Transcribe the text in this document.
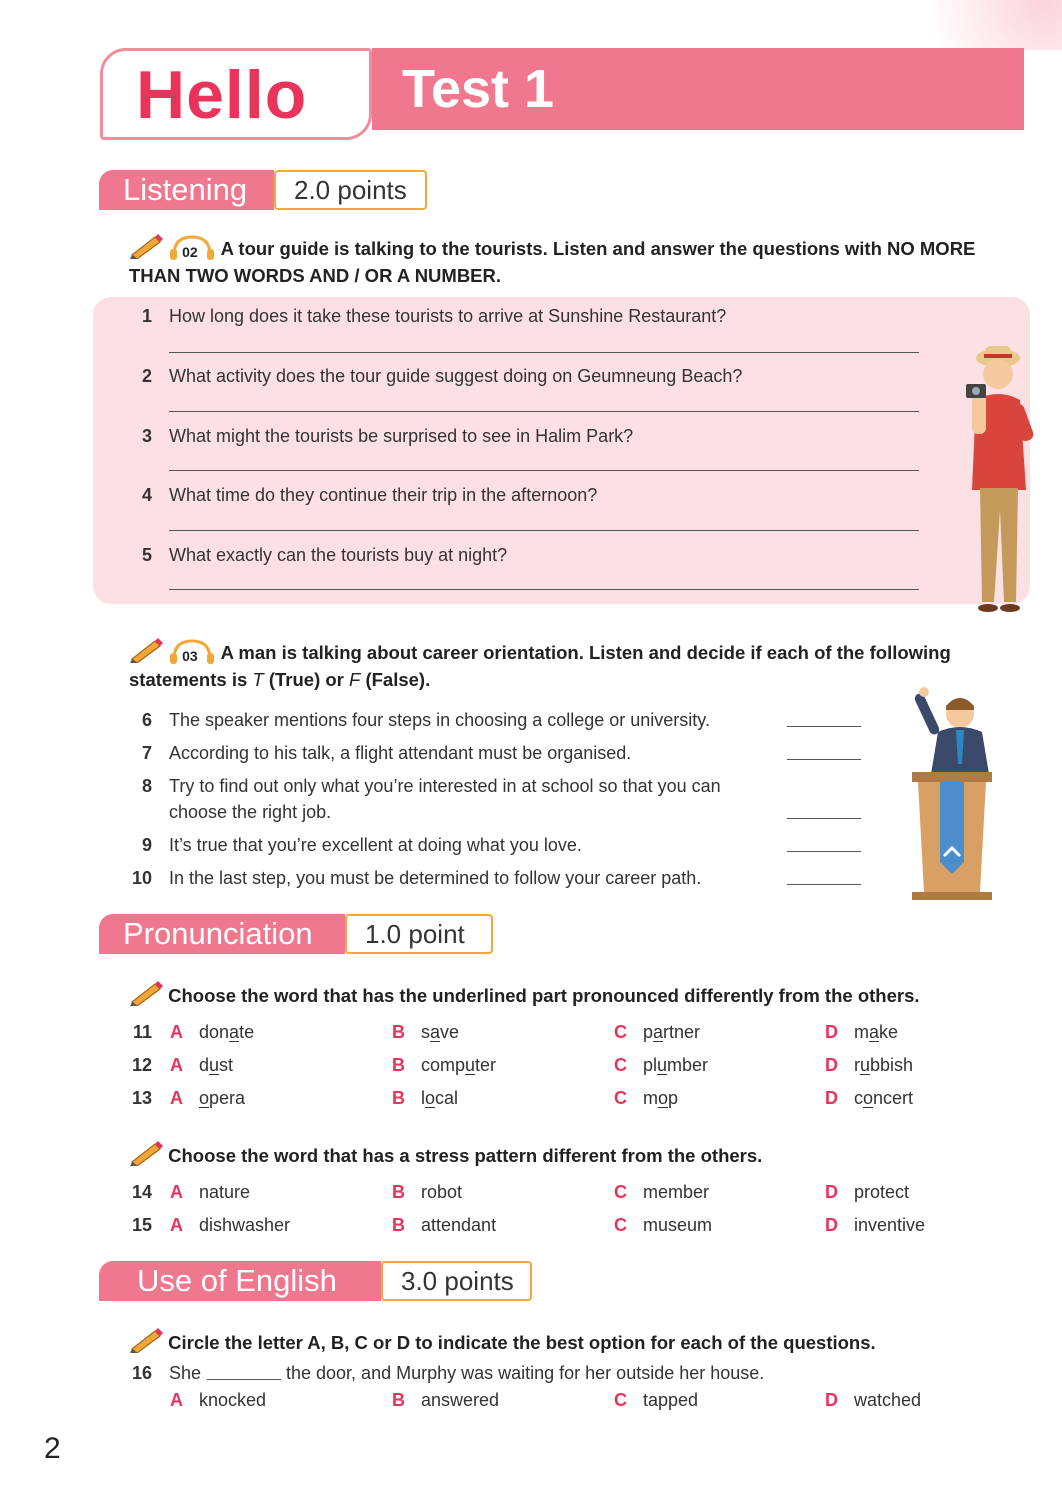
Hello Test 1
Listening	2.0 points

02 A tour guide is talking to the tourists. Listen and answer the questions with NO MORE
THAN TWO WORDS AND / OR A NUMBER.
1 How long does it take these tourists to arrive at Sunshine Restaurant?
2 What activity does the tour guide suggest doing on Geumneung Beach?
3 What might the tourists be surprised to see in Halim Park?
4 What time do they continue their trip in the afternoon?
5 What exactly can the tourists buy at night?

03 A man is talking about career orientation. Listen and decide if each of the following
statements is T (True) or F (False).
6 The speaker mentions four steps in choosing a college or university.
7 According to his talk, a flight attendant must be organised.
8 Try to find out only what you’re interested in at school so that you can
choose the right job.
9 It’s true that you’re excellent at doing what you love.
10 In the last step, you must be determined to follow your career path.
Pronunciation	1.0 point
Choose the word that has the underlined part pronounced differently from the others.
11 A donate	B save	C partner	D make
12 A dust	B computer	C plumber	D rubbish
13 A opera	B local	C mop	D concert
Choose the word that has a stress pattern different from the others.
14 A nature	B robot	C member	D protect
15 A dishwasher	B attendant	C museum	D inventive
Use of English	3.0 points
Circle the letter A, B, C or D to indicate the best option for each of the questions.
16 She	the door, and Murphy was waiting for her outside her house.
A knocked	B answered	C tapped	D watched
2
